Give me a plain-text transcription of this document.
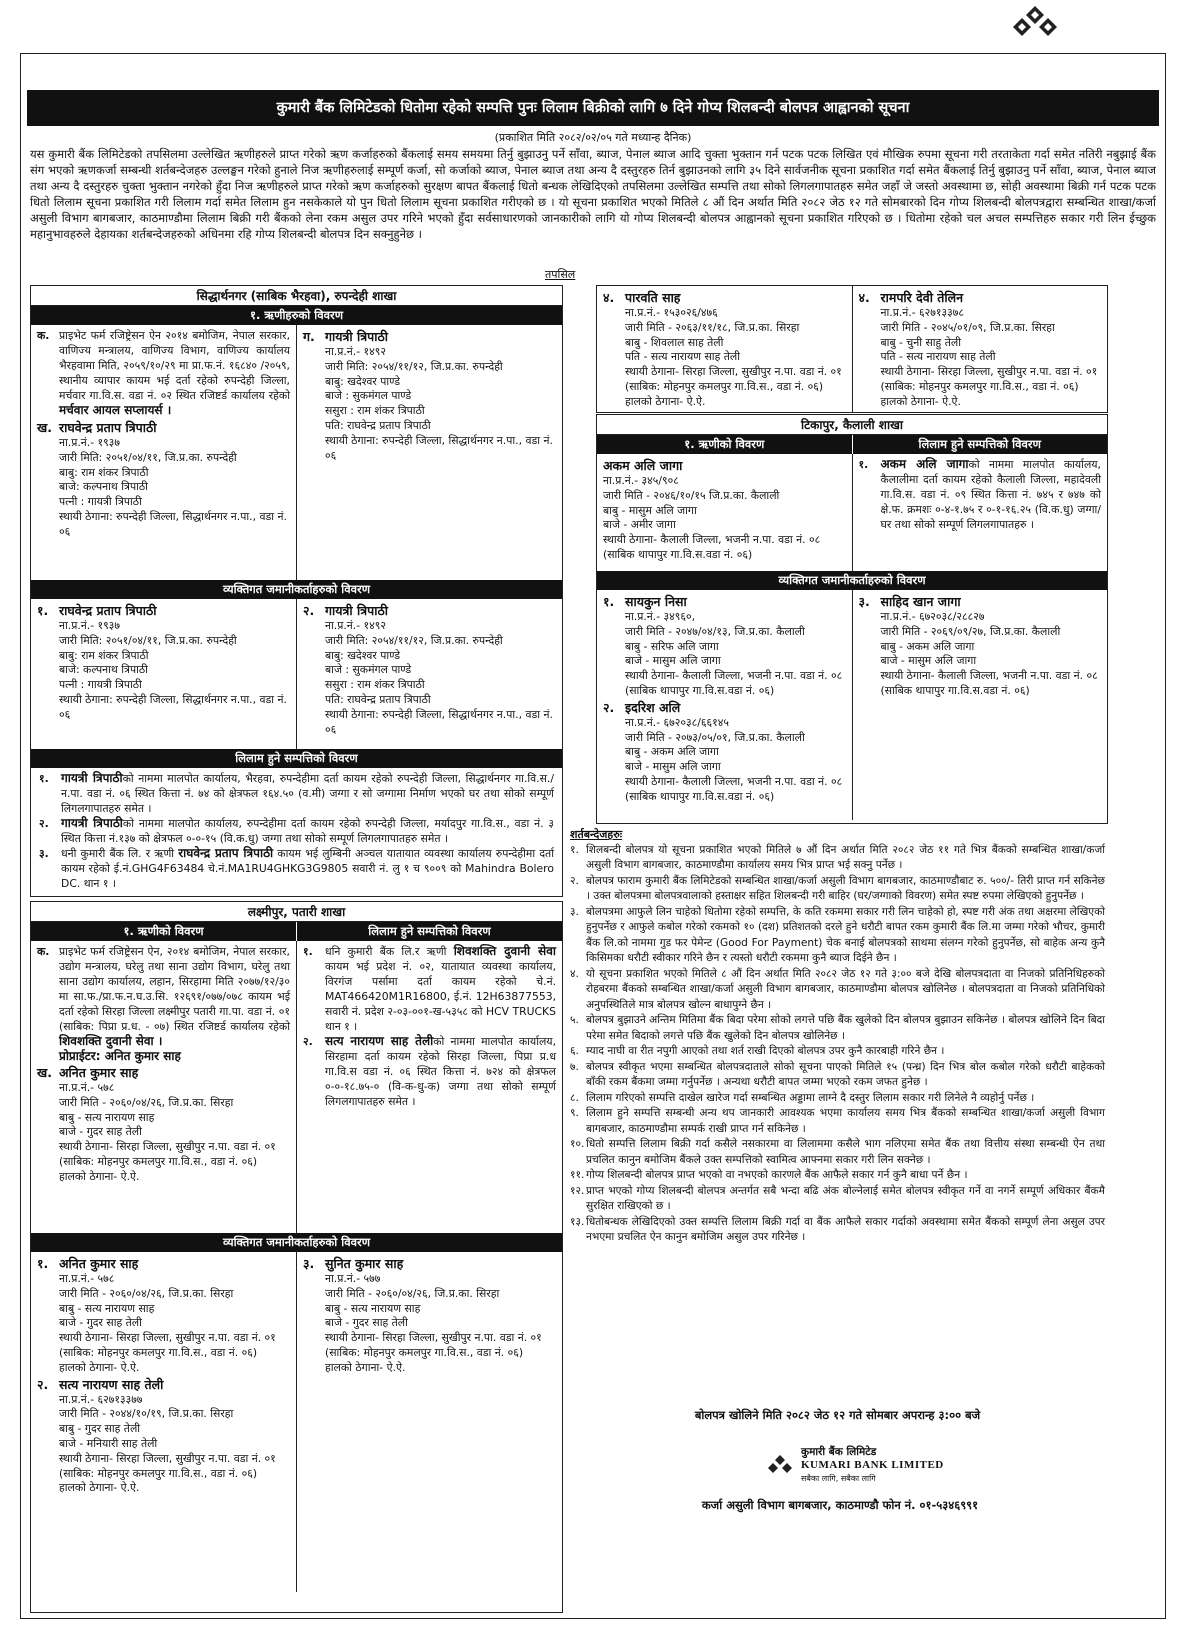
कुमारी बैंक लिमिटेडको धितोमा रहेको सम्पत्ति पुनः लिलाम बिक्रीको लागि ७ दिने गोप्य शिलबन्दी बोलपत्र आह्वानको सूचना
(प्रकाशित मिति २०८२/०२/०५ गते मध्यान्ह दैनिक)
यस कुमारी बैंक लिमिटेडको तपसिलमा उल्लेखित ऋणीहरुले प्राप्त गरेको ऋण कर्जाहरुको बैंकलाई समय समयमा तिर्नु बुझाउनु पर्ने साँवा, ब्याज, पेनाल ब्याज आदि चुक्ता भुक्तान गर्न पटक पटक लिखित एवं मौखिक रुपमा सूचना गरी तरताकेता गर्दा समेत नतिरी नबुझाई बैंक संग भएको ऋणकर्जा सम्बन्धी शर्तबन्देजहरु उल्लङ्घन गरेको हुनाले निज ऋणीहरुलाई सम्पूर्ण कर्जा, सो कर्जाको ब्याज, पेनाल ब्याज तथा अन्य दै दस्तुरहरु तिर्न बुझाउनको लागि ३५ दिने सार्वजनीक सूचना प्रकाशित गर्दा समेत बैंकलाई तिर्नु बुझाउनु पर्ने साँवा, ब्याज, पेनाल ब्याज तथा अन्य दै दस्तुरहरु चुक्ता भुक्तान नगरेको हुँदा निज ऋणीहरुले प्राप्त गरेको ऋण कर्जाहरुको सुरक्षण बापत बैंकलाई धितो बन्धक लेखिदिएको तपसिलमा उल्लेखित सम्पत्ति तथा सोको लिगलगापातहरु समेत जहाँ जे जस्तो अवस्थामा छ, सोही अवस्थामा बिक्री गर्न पटक पटक धितो लिलाम सूचना प्रकाशित गरी लिलाम गर्दा समेत लिलाम हुन नसकेकाले यो पुन धितो लिलाम सूचना प्रकाशित गरीएको छ । यो सूचना प्रकाशित भएको मितिले ८ औं दिन अर्थात मिति २०८२ जेठ १२ गते सोमबारको दिन गोप्य शिलबन्दी बोलपत्रद्वारा सम्बन्धित शाखा/कर्जा असुली विभाग बागबजार, काठमाण्डौमा लिलाम बिक्री गरी बैंकको लेना रकम असुल उपर गरिने भएको हुँदा सर्वसाधारणको जानकारीको लागि यो गोप्य शिलबन्दी बोलपत्र आह्वानको सूचना प्रकाशित गरिएको छ । धितोमा रहेको चल अचल सम्पत्तिहरु सकार गरी लिन ईच्छुक महानुभावहरुले देहायका शर्तबन्देजहरुको अधिनमा रहि गोप्य शिलबन्दी बोलपत्र दिन सक्नुहुनेछ ।
तपसिल
सिद्धार्थनगर (साबिक भैरहवा), रुपन्देही शाखा
१. ऋणीहरुको विवरण
क. प्राइभेट फर्म रजिष्ट्रेसन ऐन २०१४ बमोजिम, नेपाल सरकार, वाणिज्य मन्त्रालय, वाणिज्य विभाग, वाणिज्य कार्यालय भैरहवामा मिति, २०५९/१०/२९ मा प्रा.फ.नं. १६८४० /२०५९, स्थानीय व्यापार कायम भई दर्ता रहेको रुपन्देही जिल्ला, मर्चवार गा.वि.स. वडा नं. ०२ स्थित रजिष्टर्ड कार्यालय रहेको मर्चवार आयल सप्लायर्स ।
ख. राघवेन्द्र प्रताप त्रिपाठी
ना.प्र.नं.- १९३७
जारी मिति: २०५१/०४/११, जि.प्र.का. रुपन्देही
बाबु: राम शंकर त्रिपाठी
बाजे: कल्पनाथ त्रिपाठी
पत्नी : गायत्री त्रिपाठी
स्थायी ठेगाना: रुपन्देही जिल्ला, सिद्धार्थनगर न.पा., वडा नं. ०६
ग. गायत्री त्रिपाठी
ना.प्र.नं.- १४९२
जारी मिति: २०५४/११/१२, जि.प्र.का. रुपन्देही
बाबु: खदेश्वर पाण्डे
बाजे : सुकमंगल पाण्डे
ससुरा : राम शंकर त्रिपाठी
पति: राघवेन्द्र प्रताप त्रिपाठी
स्थायी ठेगाना: रुपन्देही जिल्ला, सिद्धार्थनगर न.पा., वडा नं. ०६
व्यक्तिगत जमानीकर्ताहरुको विवरण
१. राघवेन्द्र प्रताप त्रिपाठी
ना.प्र.नं.- १९३७
जारी मिति: २०५१/०४/११, जि.प्र.का. रुपन्देही
बाबु: राम शंकर त्रिपाठी
बाजे: कल्पनाथ त्रिपाठी
पत्नी : गायत्री त्रिपाठी
स्थायी ठेगाना: रुपन्देही जिल्ला, सिद्धार्थनगर न.पा., वडा नं. ०६
२. गायत्री त्रिपाठी
ना.प्र.नं.- १४९२
जारी मिति: २०५४/११/१२, जि.प्र.का. रुपन्देही
बाबु: खदेश्वर पाण्डे
बाजे : सुकमंगल पाण्डे
ससुरा : राम शंकर त्रिपाठी
पति: राघवेन्द्र प्रताप त्रिपाठी
स्थायी ठेगाना: रुपन्देही जिल्ला, सिद्धार्थनगर न.पा., वडा नं. ०६
लिलाम हुने सम्पत्तिको विवरण
१.	गायत्री त्रिपाठीको नाममा मालपोत कार्यालय, भैरहवा, रुपन्देहीमा दर्ता कायम रहेको रुपन्देही जिल्ला, सिद्धार्थनगर गा.वि.स./न.पा. वडा नं. ०६ स्थित कित्ता नं. ७४ को क्षेत्रफल १६४.५० (व.मी) जग्गा र सो जग्गामा निर्माण भएको घर तथा सोको सम्पूर्ण लिगलगापातहरु समेत ।
२.	गायत्री त्रिपाठीको नाममा मालपोत कार्यालय, रुपन्देहीमा दर्ता कायम रहेको रुपन्देही जिल्ला, मर्यादपुर गा.वि.स., वडा नं. ३ स्थित कित्ता नं.१३७ को क्षेत्रफल ०-०-१५ (वि.क.धु) जग्गा तथा सोको सम्पूर्ण लिगलगापातहरु समेत ।
३.	धनी कुमारी बैंक लि. र ऋणी राघवेन्द्र प्रताप त्रिपाठी कायम भई लुम्बिनी अञ्चल यातायात व्यवस्था कार्यालय रुपन्देहीमा दर्ता कायम रहेको ई.नं.GHG4F63484 चे.नं.MA1RU4GHKG3G9805 सवारी नं. लु १ च ९००९ को Mahindra Bolero DC. थान १ ।
लक्ष्मीपुर, पतारी शाखा
१. ऋणीको विवरण	लिलाम हुने सम्पत्तिको विवरण
क. प्राइभेट फर्म रजिष्ट्रेसन ऐन, २०१४ बमोजिम, नेपाल सरकार, उद्योग मन्त्रालय, घरेलु तथा साना उद्योग विभाग, घरेलु तथा साना उद्योग कार्यालय, लहान, सिरहामा मिति २०७७/१२/३० मा सा.फ./प्रा.फ.न.घ.उ.सि. १२६९१/०७७/०७८ कायम भई दर्ता रहेको सिरहा जिल्ला लक्ष्मीपुर पतारी गा.पा. वडा नं. ०१ (साबिक: पिप्रा प्र.ध. - ०७) स्थित रजिष्टर्ड कार्यालय रहेको शिवशक्ति दुवानी सेवा ।
प्रोप्राईटर: अनित कुमार साह
ख. अनित कुमार साह
ना.प्र.नं.- ५७८
जारी मिति - २०६०/०४/२६, जि.प्र.का. सिरहा
बाबु - सत्य नारायण साह
बाजे - गुदर साह तेली
स्थायी ठेगाना- सिरहा जिल्ला, सुखीपुर न.पा. वडा नं. ०१ (साबिक: मोहनपुर कमलपुर गा.वि.स., वडा नं. ०६)
हालको ठेगाना- ऐ.ऐ.
१.	धनि कुमारी बैंक लि.र ऋणी शिवशक्ति दुवानी सेवा कायम भई प्रदेश नं. ०२, यातायात व्यवस्था कार्यालय, विरगंज पर्सामा दर्ता कायम रहेको चे.नं. MAT466420M1R16800, ई.नं. 12H63877553, सवारी नं. प्रदेश २-०३-००१-ख-५३५८ को HCV TRUCKS थान १ ।
२.	सत्य नारायण साह तेलीको नाममा मालपोत कार्यालय, सिरहामा दर्ता कायम रहेको सिरहा जिल्ला, पिप्रा प्र.ध गा.वि.स वडा नं. ०६ स्थित कित्ता नं. ७२४ को क्षेत्रफल ०-०-१८.७५-० (वि-क-धु-क) जग्गा तथा सोको सम्पूर्ण लिगलगापातहरु समेत ।
व्यक्तिगत जमानीकर्ताहरुको विवरण
१. अनित कुमार साह
ना.प्र.नं.- ५७८
जारी मिति - २०६०/०४/२६, जि.प्र.का. सिरहा
बाबु - सत्य नारायण साह
बाजे - गुदर साह तेली
स्थायी ठेगाना- सिरहा जिल्ला, सुखीपुर न.पा. वडा नं. ०१ (साबिक: मोहनपुर कमलपुर गा.वि.स., वडा नं. ०६)
हालको ठेगाना- ऐ.ऐ.
२. सत्य नारायण साह तेली
ना.प्र.नं.- ६२७१३३७७
जारी मिति - २०४४/१०/१९, जि.प्र.का. सिरहा
बाबु - गुदर साह तेली
बाजे - मनियारी साह तेली
स्थायी ठेगाना- सिरहा जिल्ला, सुखीपुर न.पा. वडा नं. ०१ (साबिक: मोहनपुर कमलपुर गा.वि.स., वडा नं. ०६)
हालको ठेगाना- ऐ.ऐ.
३. सुनित कुमार साह
ना.प्र.नं.- ५७७
जारी मिति - २०६०/०४/२६, जि.प्र.का. सिरहा
बाबु - सत्य नारायण साह
बाजे - गुदर साह तेली
स्थायी ठेगाना- सिरहा जिल्ला, सुखीपुर न.पा. वडा नं. ०१ (साबिक: मोहनपुर कमलपुर गा.वि.स., वडा नं. ०६)
हालको ठेगाना- ऐ.ऐ.
४. पारवति साह
ना.प्र.नं.- १५३०२६/४७६
जारी मिति - २०६३/११/१८, जि.प्र.का. सिरहा
बाबु - शिवलाल साह तेली
पति - सत्य नारायण साह तेली
स्थायी ठेगाना- सिरहा जिल्ला, सुखीपुर न.पा. वडा नं. ०१ (साबिक: मोहनपुर कमलपुर गा.वि.स., वडा नं. ०६) हालको ठेगाना- ऐ.ऐ.
४. रामपरि देवी तेलिन
ना.प्र.नं.- ६२७१३३७८
जारी मिति - २०४५/०१/०९, जि.प्र.का. सिरहा
बाबु - चुनी साहु तेली
पति - सत्य नारायण साह तेली
स्थायी ठेगाना- सिरहा जिल्ला, सुखीपुर न.पा. वडा नं. ०१ (साबिक: मोहनपुर कमलपुर गा.वि.स., वडा नं. ०६)
हालको ठेगाना- ऐ.ऐ.
टिकापुर, कैलाली शाखा
१. ऋणीको विवरण	लिलाम हुने सम्पत्तिको विवरण
अकम अलि जागा
ना.प्र.नं.- ३४५/९०८
जारी मिति - २०४६/१०/१५ जि.प्र.का. कैलाली
बाबु - मासुम अलि जागा
बाजे - अमीर जागा
स्थायी ठेगाना- कैलाली जिल्ला, भजनी न.पा. वडा नं. ०८ (साबिक थापापुर गा.वि.स.वडा नं. ०६)
१.	अकम अलि जागाको नाममा मालपोत कार्यालय, कैलालीमा दर्ता कायम रहेको कैलाली जिल्ला, महादेवली गा.वि.स. वडा नं. ०९ स्थित कित्ता नं. ७४५ र ७४७ को क्षे.फ. क्रमशः ०-४-१.७५ र ०-१-१६.२५ (वि.क.धु) जग्गा/घर तथा सोको सम्पूर्ण लिगलगापातहरु ।
व्यक्तिगत जमानीकर्ताहरुको विवरण
१. सायकुन निसा
ना.प्र.नं.- ३४९६०,
जारी मिति - २०४७/०४/१३, जि.प्र.का. कैलाली
बाबु - सरिफ अलि जागा
बाजे - मासुम अलि जागा
स्थायी ठेगाना- कैलाली जिल्ला, भजनी न.पा. वडा नं. ०८ (साबिक थापापुर गा.वि.स.वडा नं. ०६)
२. इदरिश अलि
ना.प्र.नं.- ६७२०३८/६६१४५
जारी मिति - २०७३/०५/०१, जि.प्र.का. कैलाली
बाबु - अकम अलि जागा
बाजे - मासुम अलि जागा
स्थायी ठेगाना- कैलाली जिल्ला, भजनी न.पा. वडा नं. ०८ (साबिक थापापुर गा.वि.स.वडा नं. ०६)
३. साहिद खान जागा
ना.प्र.नं.- ६७२०३८/२८८२७
जारी मिति - २०६९/०९/२७, जि.प्र.का. कैलाली
बाबु - अकम अलि जागा
बाजे - मासुम अलि जागा
स्थायी ठेगाना- कैलाली जिल्ला, भजनी न.पा. वडा नं. ०८ (साबिक थापापुर गा.वि.स.वडा नं. ०६)
शर्तबन्देजहरुः
१. शिलबन्दी बोलपत्र यो सूचना प्रकाशित भएको मितिले ७ औं दिन अर्थात मिति २०८२ जेठ ११ गते भित्र बैंकको सम्बन्धित शाखा/कर्जा असुली विभाग बागबजार, काठमाण्डौमा कार्यालय समय भित्र प्राप्त भई सक्नु पर्नेछ ।
२. बोलपत्र फाराम कुमारी बैंक लिमिटेडको सम्बन्धित शाखा/कर्जा असुली विभाग बागबजार, काठमाण्डौबाट रु. ५००/- तिरी प्राप्त गर्न सकिनेछ । उक्त बोलपत्रमा बोलपत्रवालाको हस्ताक्षर सहित शिलबन्दी गरी बाहिर (घर/जग्गाको विवरण) समेत स्पष्ट रुपमा लेखिएको हुनुपर्नेछ ।
३. बोलपत्रमा आफुले लिन चाहेको धितोमा रहेको सम्पत्ति, के कति रकममा सकार गरी लिन चाहेको हो, स्पष्ट गरी अंक तथा अक्षरमा लेखिएको हुनुपर्नेछ र आफुले कबोल गरेको रकमको १० (दश) प्रतिशतको दरले हुने धरौटी बापत रकम कुमारी बैंक लि.मा जम्मा गरेको भौचर, कुमारी बैंक लि.को नाममा गुड फर पेमेन्ट (Good For Payment) चेक बनाई बोलपत्रको साथमा संलग्न गरेको हुनुपर्नेछ, सो बाहेक अन्य कुनै किसिमका धरौटी स्वीकार गरिने छैन र त्यस्तो धरौटी रकममा कुनै ब्याज दिईने छैन ।
४. यो सूचना प्रकाशित भएको मितिले ८ औं दिन अर्थात मिति २०८२ जेठ १२ गते ३:०० बजे देखि बोलपत्रदाता वा निजको प्रतिनिधिहरुको रोहबरमा बैंकको सम्बन्धित शाखा/कर्जा असुली विभाग बागबजार, काठमाण्डौमा बोलपत्र खोलिनेछ । बोलपत्रदाता वा निजको प्रतिनिधिको अनुपस्थितिले मात्र बोलपत्र खोल्न बाधापुग्ने छैन ।
५. बोलपत्र बुझाउने अन्तिम मितिमा बैंक बिदा परेमा सोको लगत्ते पछि बैंक खुलेको दिन बोलपत्र बुझाउन सकिनेछ । बोलपत्र खोलिने दिन बिदा परेमा समेत बिदाको लगत्ते पछि बैंक खुलेको दिन बोलपत्र खोलिनेछ ।
६. म्याद नाघी वा रीत नपुगी आएको तथा शर्त राखी दिएको बोलपत्र उपर कुनै कारबाही गरिने छैन ।
७. बोलपत्र स्वीकृत भएमा सम्बन्धित बोलपत्रदाताले सोको सूचना पाएको मितिले १५ (पन्ध्र) दिन भित्र बोल कबोल गरेको धरौटी बाहेकको बाँकी रकम बैंकमा जम्मा गर्नुपर्नेछ । अन्यथा धरौटी बापत जम्मा भएको रकम जफत हुनेछ ।
८. लिलाम गरिएको सम्पत्ति दाखेल खारेज गर्दा सम्बन्धित अड्डामा लाग्ने दै दस्तुर लिलाम सकार गरी लिनेले नै व्यहोर्नु पर्नेछ ।
९. लिलाम हुने सम्पत्ति सम्बन्धी अन्य थप जानकारी आवश्यक भएमा कार्यालय समय भित्र बैंकको सम्बन्धित शाखा/कर्जा असुली विभाग बागबजार, काठमाण्डौमा सम्पर्क राखी प्राप्त गर्न सकिनेछ ।
१०. धितो सम्पत्ति लिलाम बिक्री गर्दा कसैले नसकारमा वा लिलाममा कसैले भाग नलिएमा समेत बैंक तथा वित्तीय संस्था सम्बन्धी ऐन तथा प्रचलित कानुन बमोजिम बैंकले उक्त सम्पत्तिको स्वामित्व आफ्नमा सकार गरी लिन सक्नेछ ।
११. गोप्य शिलबन्दी बोलपत्र प्राप्त भएको वा नभएको कारणले बैंक आफैले सकार गर्न कुनै बाधा पर्ने छैन ।
१२. प्राप्त भएको गोप्य शिलबन्दी बोलपत्र अन्तर्गत सबै भन्दा बढि अंक बोल्नेलाई समेत बोलपत्र स्वीकृत गर्ने वा नगर्ने सम्पूर्ण अधिकार बैंकमै सुरक्षित राखिएको छ ।
१३. धितोबन्धक लेखिदिएको उक्त सम्पत्ति लिलाम बिक्री गर्दा वा बैंक आफैले सकार गर्दाको अवस्थामा समेत बैंकको सम्पूर्ण लेना असुल उपर नभएमा प्रचलित ऐन कानुन बमोजिम असुल उपर गरिनेछ ।
बोलपत्र खोलिने मिति २०८२ जेठ १२ गते सोमबार अपरान्ह ३:०० बजे
कुमारी बैंक लिमिटेड
KUMARI BANK LIMITED
सबैका लागि, सबैका लागि
कर्जा असुली विभाग बागबजार, काठमाण्डौ फोन नं. ०१-५३४६९९१
